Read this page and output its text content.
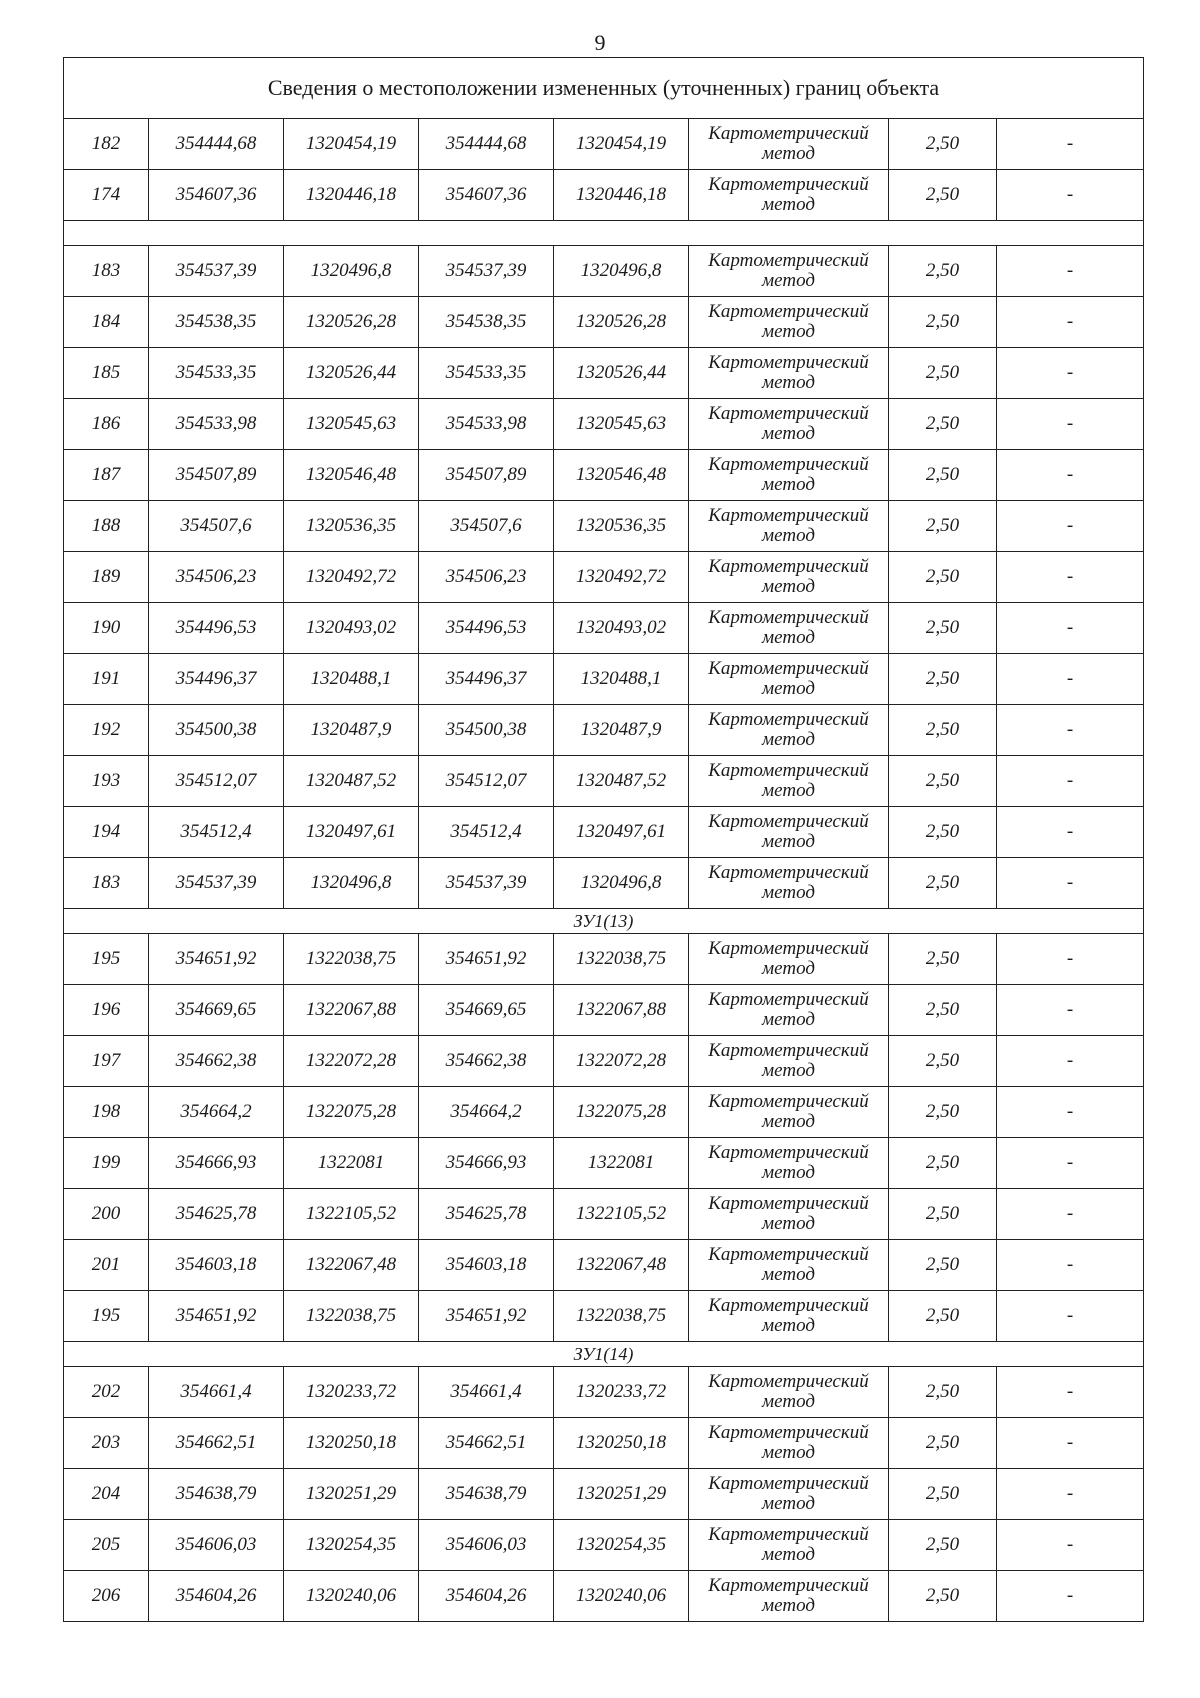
9
Сведения о местоположении измененных (уточненных) границ объекта							
182	354444,68	1320454,19	354444,68	1320454,19	Картометрический метод	2,50	-
174	354607,36	1320446,18	354607,36	1320446,18	Картометрический метод	2,50	-

183	354537,39	1320496,8	354537,39	1320496,8	Картометрический метод	2,50	-
184	354538,35	1320526,28	354538,35	1320526,28	Картометрический метод	2,50	-
185	354533,35	1320526,44	354533,35	1320526,44	Картометрический метод	2,50	-
186	354533,98	1320545,63	354533,98	1320545,63	Картометрический метод	2,50	-
187	354507,89	1320546,48	354507,89	1320546,48	Картометрический метод	2,50	-
188	354507,6	1320536,35	354507,6	1320536,35	Картометрический метод	2,50	-
189	354506,23	1320492,72	354506,23	1320492,72	Картометрический метод	2,50	-
190	354496,53	1320493,02	354496,53	1320493,02	Картометрический метод	2,50	-
191	354496,37	1320488,1	354496,37	1320488,1	Картометрический метод	2,50	-
192	354500,38	1320487,9	354500,38	1320487,9	Картометрический метод	2,50	-
193	354512,07	1320487,52	354512,07	1320487,52	Картометрический метод	2,50	-
194	354512,4	1320497,61	354512,4	1320497,61	Картометрический метод	2,50	-
183	354537,39	1320496,8	354537,39	1320496,8	Картометрический метод	2,50	-
ЗУ1(13)							
195	354651,92	1322038,75	354651,92	1322038,75	Картометрический метод	2,50	-
196	354669,65	1322067,88	354669,65	1322067,88	Картометрический метод	2,50	-
197	354662,38	1322072,28	354662,38	1322072,28	Картометрический метод	2,50	-
198	354664,2	1322075,28	354664,2	1322075,28	Картометрический метод	2,50	-
199	354666,93	1322081	354666,93	1322081	Картометрический метод	2,50	-
200	354625,78	1322105,52	354625,78	1322105,52	Картометрический метод	2,50	-
201	354603,18	1322067,48	354603,18	1322067,48	Картометрический метод	2,50	-
195	354651,92	1322038,75	354651,92	1322038,75	Картометрический метод	2,50	-
ЗУ1(14)							
202	354661,4	1320233,72	354661,4	1320233,72	Картометрический метод	2,50	-
203	354662,51	1320250,18	354662,51	1320250,18	Картометрический метод	2,50	-
204	354638,79	1320251,29	354638,79	1320251,29	Картометрический метод	2,50	-
205	354606,03	1320254,35	354606,03	1320254,35	Картометрический метод	2,50	-
206	354604,26	1320240,06	354604,26	1320240,06	Картометрический метод	2,50	-
